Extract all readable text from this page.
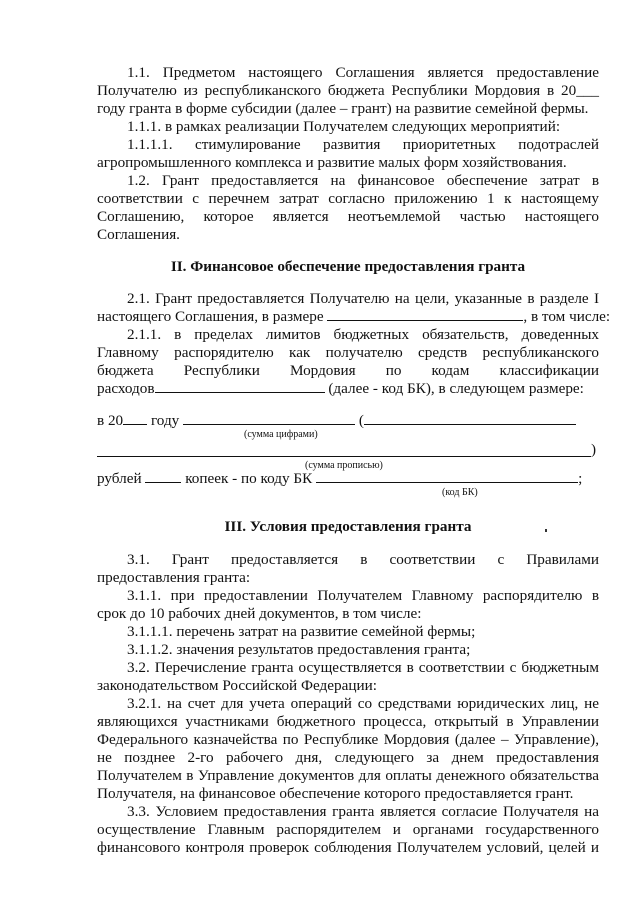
1.1. Предметом настоящего Соглашения является предоставление
Получателю из республиканского бюджета Республики Мордовия в 20___
году гранта в форме субсидии (далее – грант) на развитие семейной фермы.
1.1.1. в рамках реализации Получателем следующих мероприятий:
1.1.1.1. стимулирование развития приоритетных подотраслей
агропромышленного комплекса и развитие малых форм хозяйствования.
1.2. Грант предоставляется на финансовое обеспечение затрат в
соответствии с перечнем затрат согласно приложению 1 к настоящему
Соглашению, которое является неотъемлемой частью настоящего
Соглашения.
II. Финансовое обеспечение предоставления гранта
2.1. Грант предоставляется Получателю на цели, указанные в разделе I
настоящего Соглашения, в размере	, в том числе:
2.1.1. в пределах лимитов бюджетных обязательств, доведенных
Главному распорядителю как получателю средств республиканского
бюджета Республики Мордовия по кодам классификации
расходов	(далее - код БК), в следующем размере:
в 20 году	(
(сумма цифрами)
)
(сумма прописью)
рублей	копеек - по коду БК	;
(код БК)
III. Условия предоставления гранта
3.1. Грант предоставляется в соответствии с Правилами
предоставления гранта:
3.1.1. при предоставлении Получателем Главному распорядителю в
срок до 10 рабочих дней документов, в том числе:
3.1.1.1. перечень затрат на развитие семейной фермы;
3.1.1.2. значения результатов предоставления гранта;
3.2. Перечисление гранта осуществляется в соответствии с бюджетным
законодательством Российской Федерации:
3.2.1. на счет для учета операций со средствами юридических лиц, не
являющихся участниками бюджетного процесса, открытый в Управлении
Федерального казначейства по Республике Мордовия (далее – Управление),
не позднее 2-го рабочего дня, следующего за днем предоставления
Получателем в Управление документов для оплаты денежного обязательства
Получателя, на финансовое обеспечение которого предоставляется грант.
3.3. Условием предоставления гранта является согласие Получателя на
осуществление Главным распорядителем и органами государственного
финансового контроля проверок соблюдения Получателем условий, целей и
